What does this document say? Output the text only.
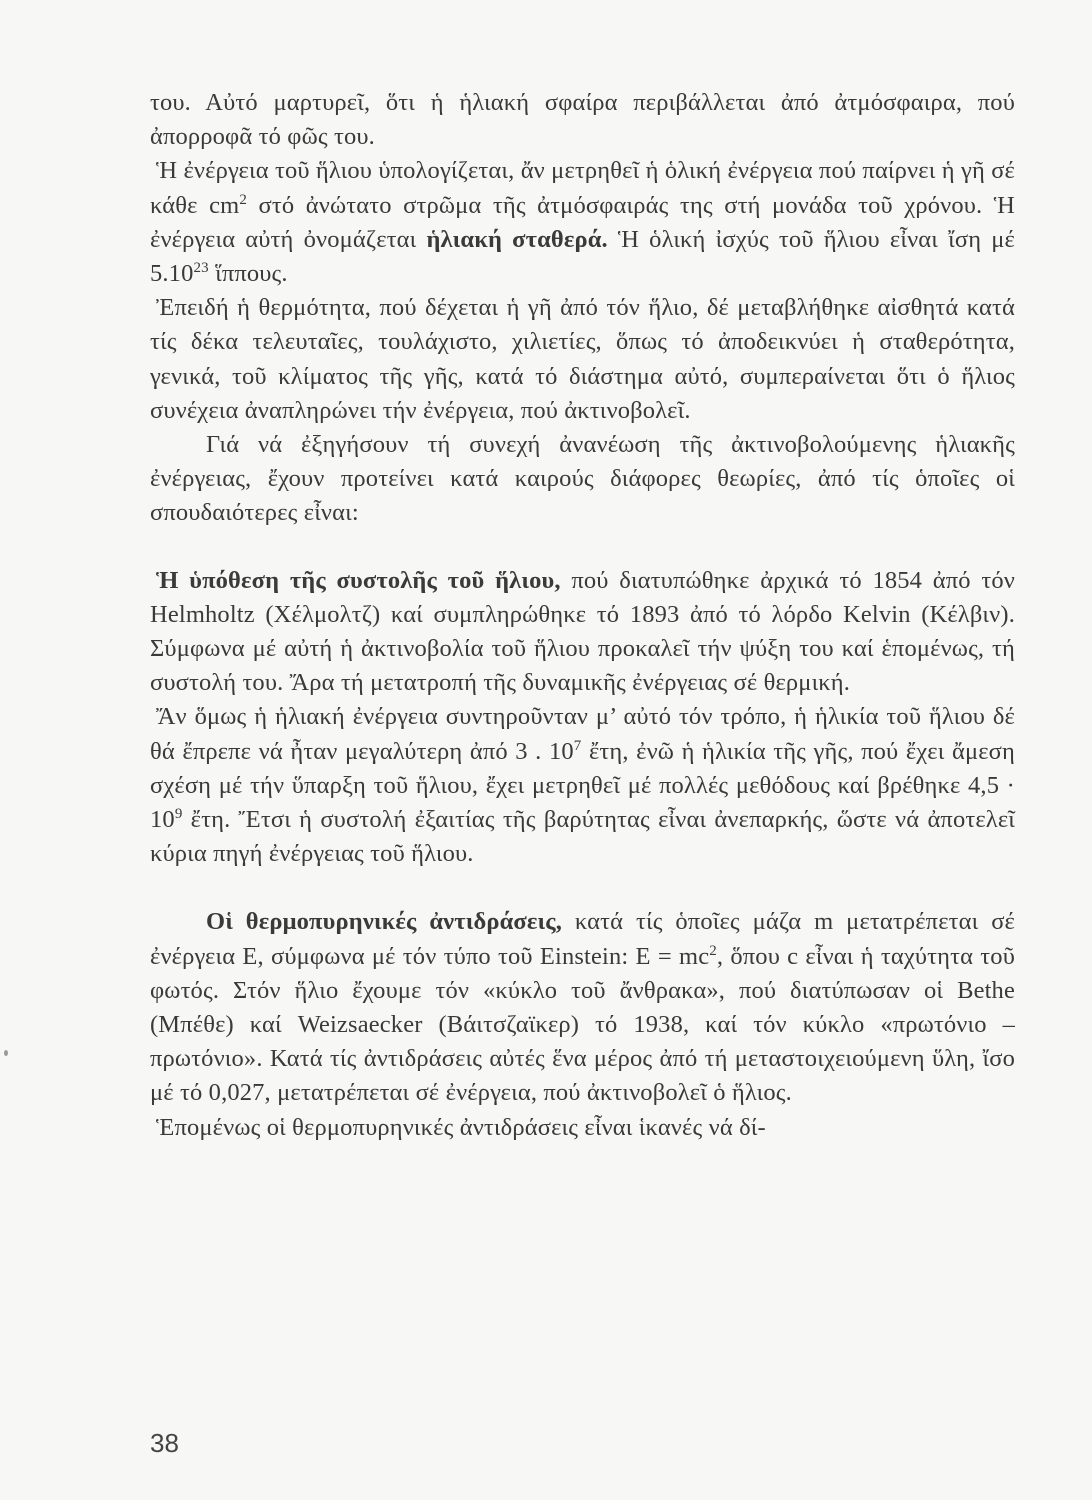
του. Αὐτό μαρτυρεῖ, ὅτι ἡ ἡλιακή σφαίρα περιβάλλεται ἀπό ἀτμόσφαιρα, πού ἀπορροφᾶ τό φῶς του.

Ἡ ἐνέργεια τοῦ ἥλιου ὑπολογίζεται, ἄν μετρηθεῖ ἡ ὁλική ἐνέργεια πού παίρνει ἡ γῆ σέ κάθε $cm^2$ στό ἀνώτατο στρῶμα τῆς ἀτμόσφαιράς της στή μονάδα τοῦ χρόνου. Ἡ ἐνέργεια αὐτή ὀνομάζεται ἡλιακή σταθερά. Ἡ ὁλική ἰσχύς τοῦ ἥλιου εἶναι ἴση μέ 5.10$^{23}$ ἵππους.

Ἐπειδή ἡ θερμότητα, πού δέχεται ἡ γῆ ἀπό τόν ἥλιο, δέ μεταβλήθηκε αἰσθητά κατά τίς δέκα τελευταῖες, τουλάχιστο, χιλιετίες, ὅπως τό ἀποδεικνύει ἡ σταθερότητα, γενικά, τοῦ κλίματος τῆς γῆς, κατά τό διάστημα αὐτό, συμπεραίνεται ὅτι ὁ ἥλιος συνέχεια ἀναπληρώνει τήν ἐνέργεια, πού ἀκτινοβολεῖ.

Γιά νά ἐξηγήσουν τή συνεχή ἀνανέωση τῆς ἀκτινοβολούμενης ἡλιακῆς ἐνέργειας, ἔχουν προτείνει κατά καιρούς διάφορες θεωρίες, ἀπό τίς ὁποῖες οἱ σπουδαιότερες εἶναι:

Ἡ ὑπόθεση τῆς συστολῆς τοῦ ἥλιου, πού διατυπώθηκε ἀρχικά τό 1854 ἀπό τόν Helmholtz (Χέλμολτζ) καί συμπληρώθηκε τό 1893 ἀπό τό λόρδο Kelvin (Κέλβιν). Σύμφωνα μέ αὐτή ἡ ἀκτινοβολία τοῦ ἥλιου προκαλεῖ τήν ψύξη του καί ἑπομένως, τή συστολή του. Ἄρα τή μετατροπή τῆς δυναμικῆς ἐνέργειας σέ θερμική.

Ἄν ὅμως ἡ ἡλιακή ἐνέργεια συντηροῦνταν μ’ αὐτό τόν τρόπο, ἡ ἡλικία τοῦ ἥλιου δέ θά ἔπρεπε νά ἦταν μεγαλύτερη ἀπό 3 . $10^7$ ἔτη, ἐνῶ ἡ ἡλικία τῆς γῆς, πού ἔχει ἄμεση σχέση μέ τήν ὕπαρξη τοῦ ἥλιου, ἔχει μετρηθεῖ μέ πολλές μεθόδους καί βρέθηκε $4,5 \cdot 10^9$ ἔτη. Ἔτσι ἡ συστολή ἐξαιτίας τῆς βαρύτητας εἶναι ἀνεπαρκής, ὥστε νά ἀποτελεῖ κύρια πηγή ἐνέργειας τοῦ ἥλιου.

Οἱ θερμοπυρηνικές ἀντιδράσεις, κατά τίς ὁποῖες μάζα m μετατρέπεται σέ ἐνέργεια E, σύμφωνα μέ τόν τύπο τοῦ Einstein: $E = mc^2$, ὅπου c εἶναι ἡ ταχύτητα τοῦ φωτός. Στόν ἥλιο ἔχουμε τόν «κύκλο τοῦ ἄνθρακα», πού διατύπωσαν οἱ Bethe (Μπέθε) καί Weizsaecker (Βάιτσζαϊκερ) τό 1938, καί τόν κύκλο «πρωτόνιο – πρωτόνιο». Κατά τίς ἀντιδράσεις αὐτές ἕνα μέρος ἀπό τή μεταστοιχειούμενη ὕλη, ἴσο μέ τό 0,027, μετατρέπεται σέ ἐνέργεια, πού ἀκτινοβολεῖ ὁ ἥλιος.

Ἑπομένως οἱ θερμοπυρηνικές ἀντιδράσεις εἶναι ἱκανές νά δί-

38
